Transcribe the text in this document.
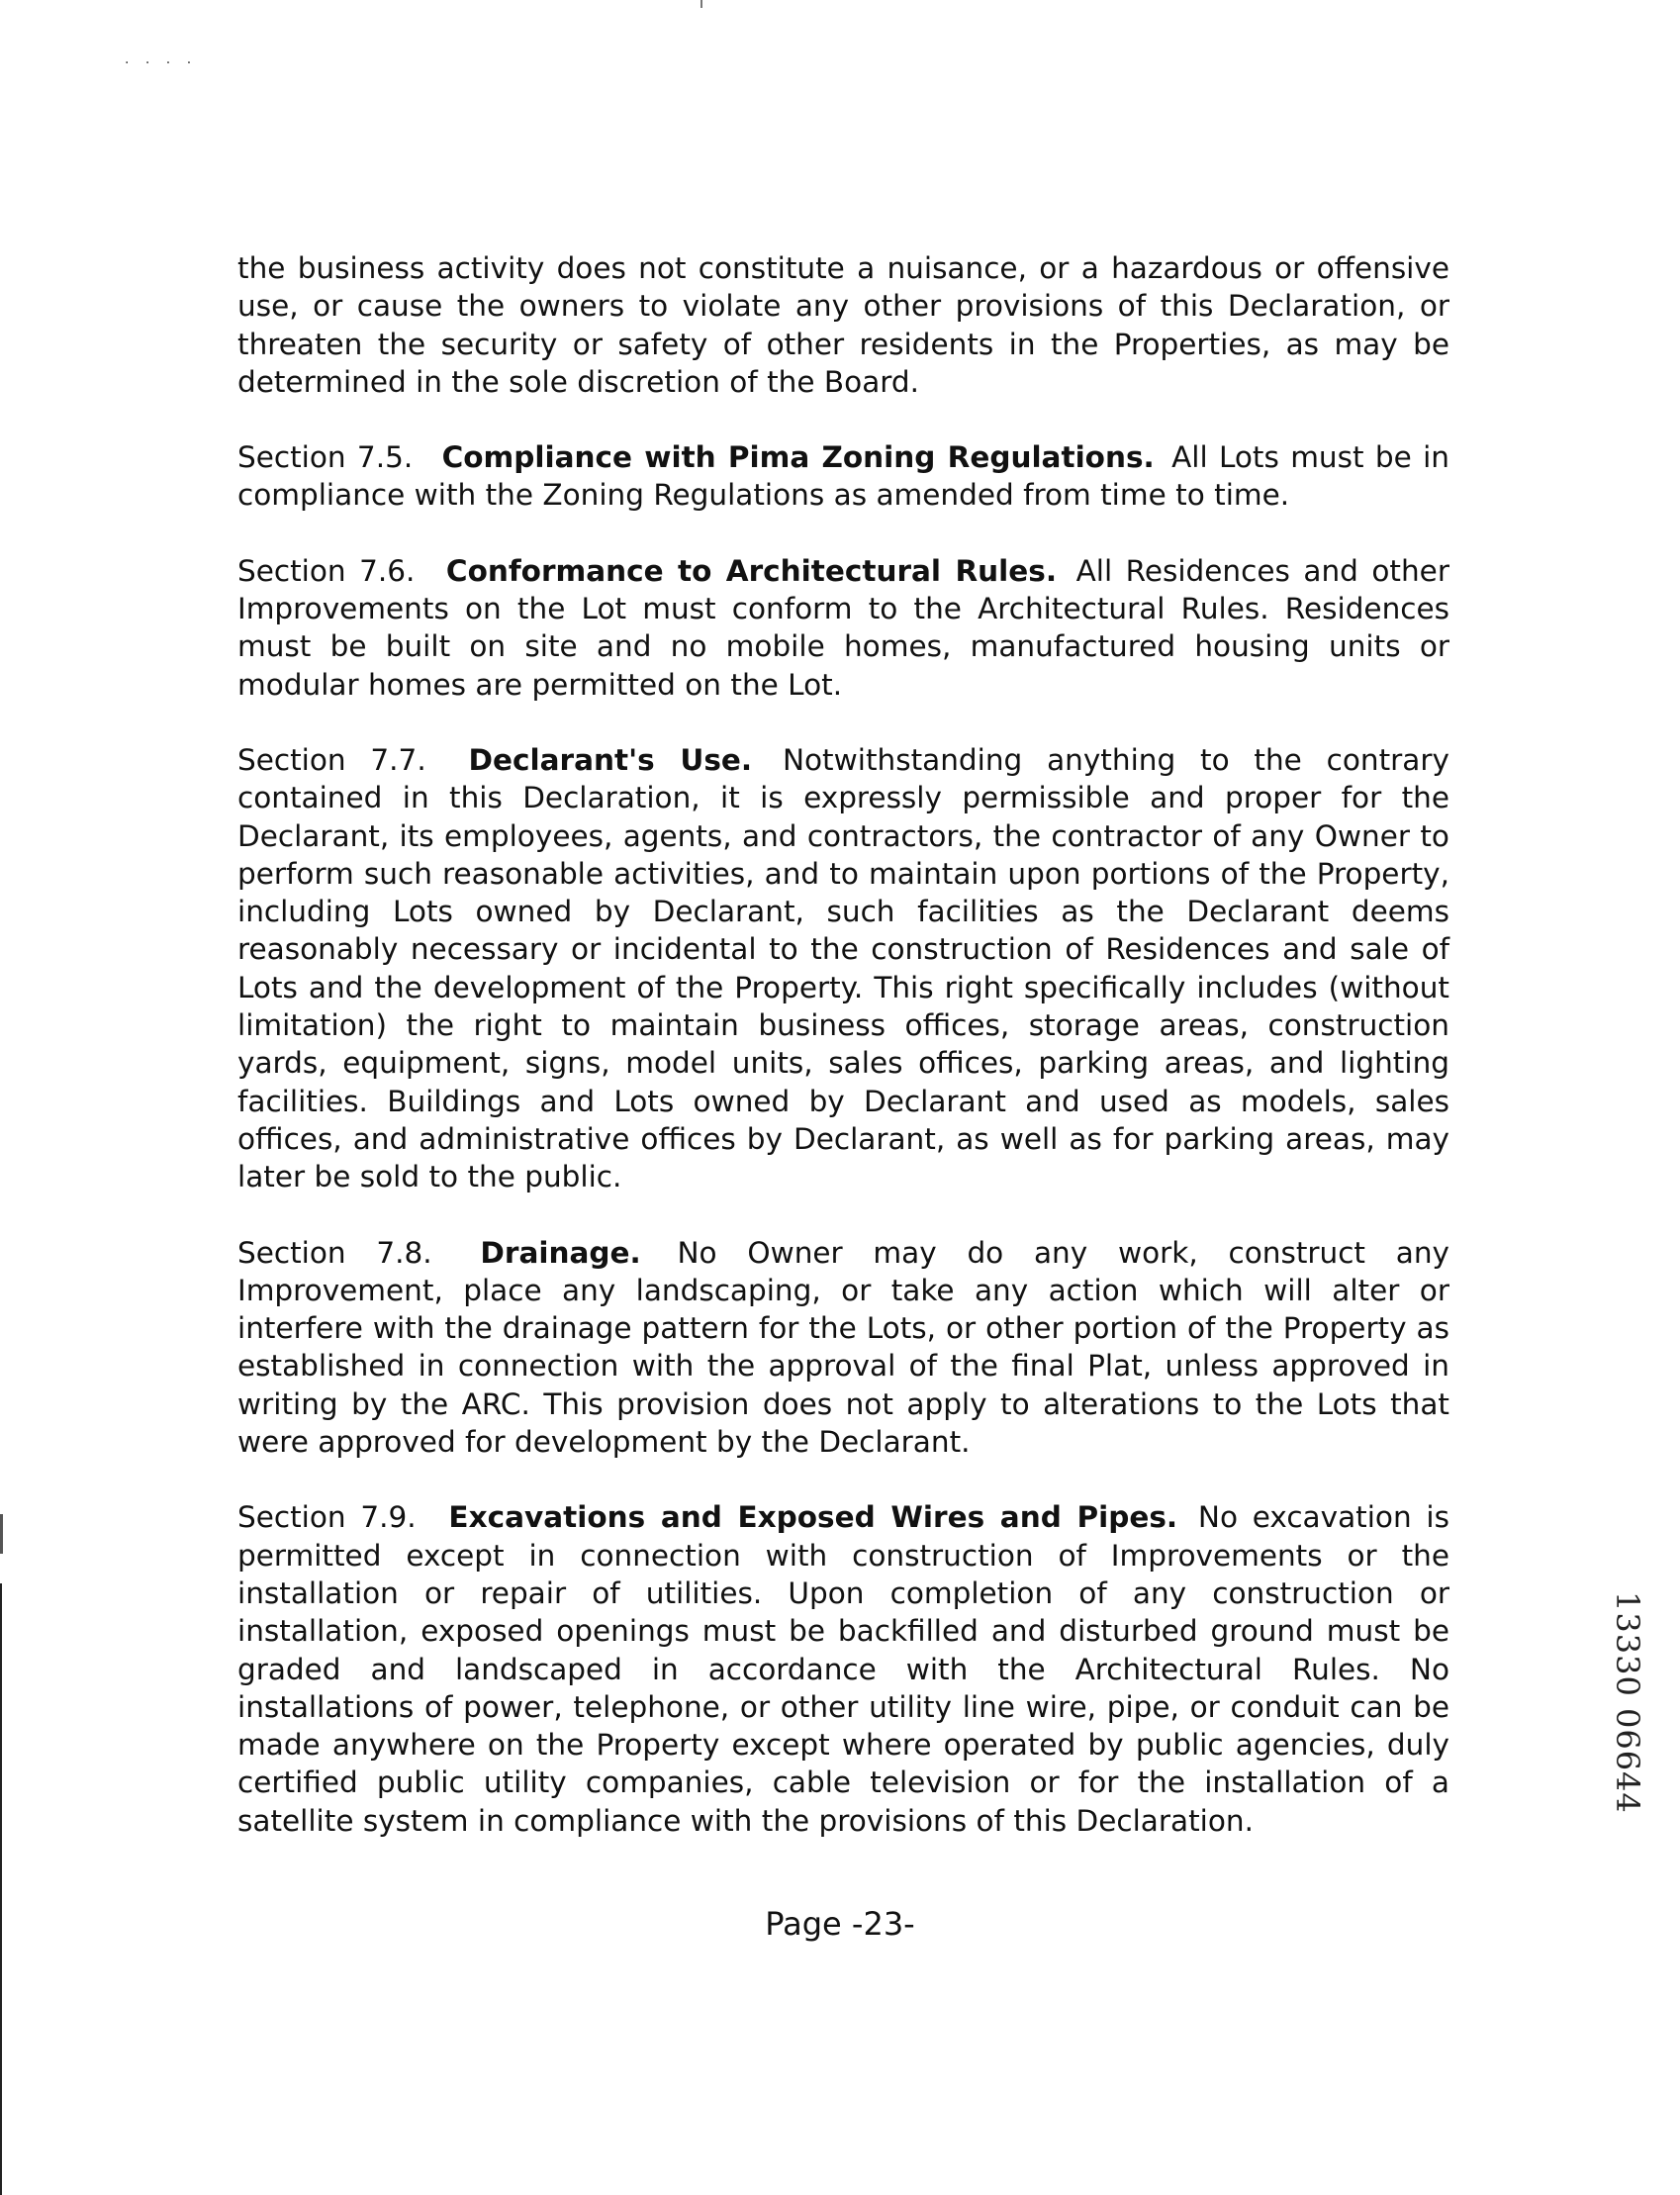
. . . .

the business activity does not constitute a nuisance, or a hazardous or offensive use, or cause the owners to violate any other provisions of this Declaration, or threaten the security or safety of other residents in the Properties, as may be determined in the sole discretion of the Board.

Section 7.5. Compliance with Pima Zoning Regulations. All Lots must be in compliance with the Zoning Regulations as amended from time to time.

Section 7.6. Conformance to Architectural Rules. All Residences and other Improvements on the Lot must conform to the Architectural Rules. Residences must be built on site and no mobile homes, manufactured housing units or modular homes are permitted on the Lot.

Section 7.7. Declarant's Use. Notwithstanding anything to the contrary contained in this Declaration, it is expressly permissible and proper for the Declarant, its employees, agents, and contractors, the contractor of any Owner to perform such reasonable activities, and to maintain upon portions of the Property, including Lots owned by Declarant, such facilities as the Declarant deems reasonably necessary or incidental to the construction of Residences and sale of Lots and the development of the Property. This right specifically includes (without limitation) the right to maintain business offices, storage areas, construction yards, equipment, signs, model units, sales offices, parking areas, and lighting facilities. Buildings and Lots owned by Declarant and used as models, sales offices, and administrative offices by Declarant, as well as for parking areas, may later be sold to the public.

Section 7.8. Drainage. No Owner may do any work, construct any Improvement, place any landscaping, or take any action which will alter or interfere with the drainage pattern for the Lots, or other portion of the Property as established in connection with the approval of the final Plat, unless approved in writing by the ARC. This provision does not apply to alterations to the Lots that were approved for development by the Declarant.

Section 7.9. Excavations and Exposed Wires and Pipes. No excavation is permitted except in connection with construction of Improvements or the installation or repair of utilities. Upon completion of any construction or installation, exposed openings must be backfilled and disturbed ground must be graded and landscaped in accordance with the Architectural Rules. No installations of power, telephone, or other utility line wire, pipe, or conduit can be made anywhere on the Property except where operated by public agencies, duly certified public utility companies, cable television or for the installation of a satellite system in compliance with the provisions of this Declaration.

13330 06644
Page -23-
